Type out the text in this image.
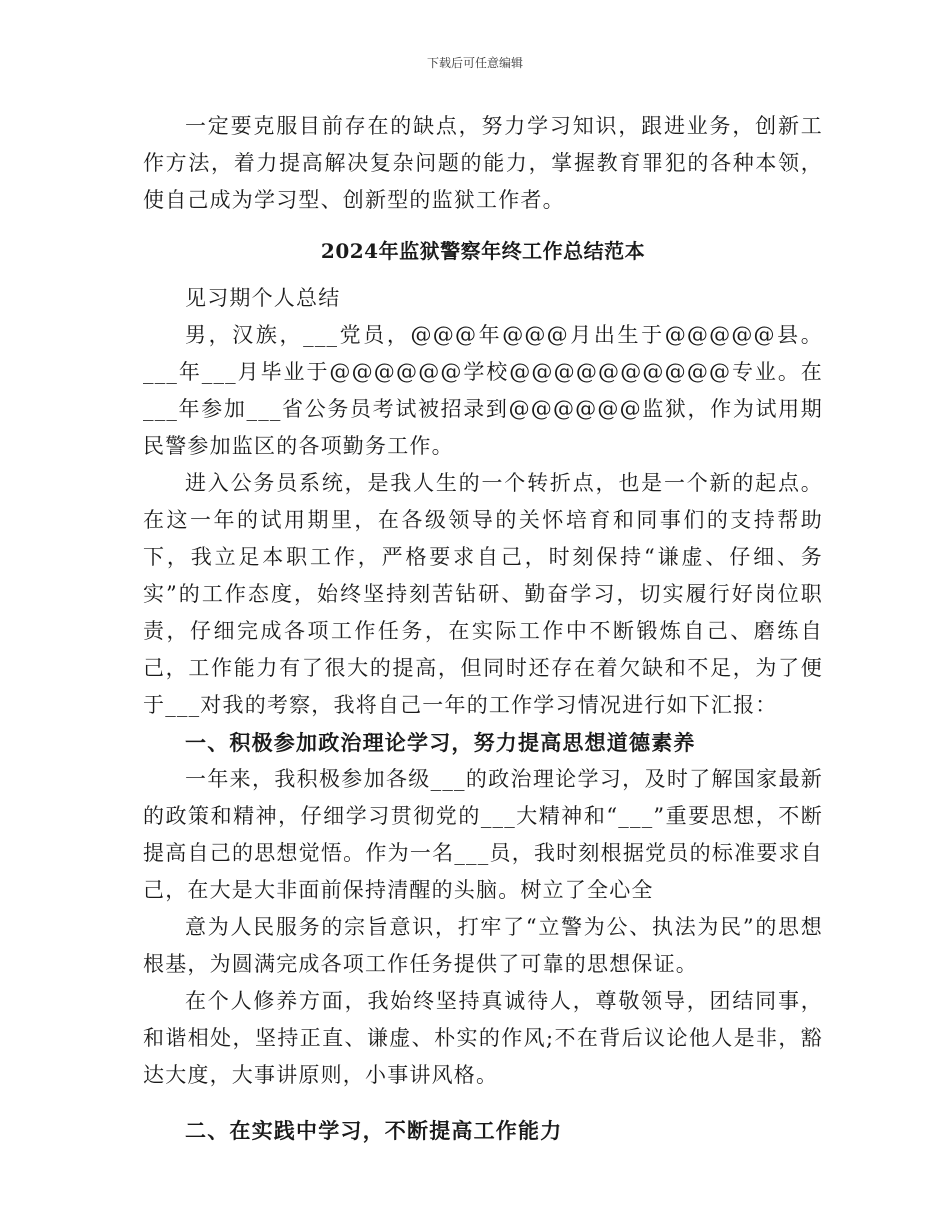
下载后可任意编辑

一定要克服目前存在的缺点，努力学习知识，跟进业务，创新工作方法，着力提高解决复杂问题的能力，掌握教育罪犯的各种本领，使自己成为学习型、创新型的监狱工作者。

2024年监狱警察年终工作总结范本

见习期个人总结

男，汉族，___党员，@@@年@@@月出生于@@@@@县。___年___月毕业于@@@@@@学校@@@@@@@@@@专业。在___年参加___省公务员考试被招录到@@@@@@监狱，作为试用期民警参加监区的各项勤务工作。

进入公务员系统，是我人生的一个转折点，也是一个新的起点。在这一年的试用期里，在各级领导的关怀培育和同事们的支持帮助下，我立足本职工作，严格要求自己，时刻保持“谦虚、仔细、务实”的工作态度，始终坚持刻苦钻研、勤奋学习，切实履行好岗位职责，仔细完成各项工作任务，在实际工作中不断锻炼自己、磨练自己，工作能力有了很大的提高，但同时还存在着欠缺和不足，为了便于___对我的考察，我将自己一年的工作学习情况进行如下汇报：

一、积极参加政治理论学习，努力提高思想道德素养

一年来，我积极参加各级___的政治理论学习，及时了解国家最新的政策和精神，仔细学习贯彻党的___大精神和“___”重要思想，不断提高自己的思想觉悟。作为一名___员，我时刻根据党员的标准要求自己，在大是大非面前保持清醒的头脑。树立了全心全

意为人民服务的宗旨意识，打牢了“立警为公、执法为民”的思想根基，为圆满完成各项工作任务提供了可靠的思想保证。

在个人修养方面，我始终坚持真诚待人，尊敬领导，团结同事，和谐相处，坚持正直、谦虚、朴实的作风;不在背后议论他人是非，豁达大度，大事讲原则，小事讲风格。

二、在实践中学习，不断提高工作能力
